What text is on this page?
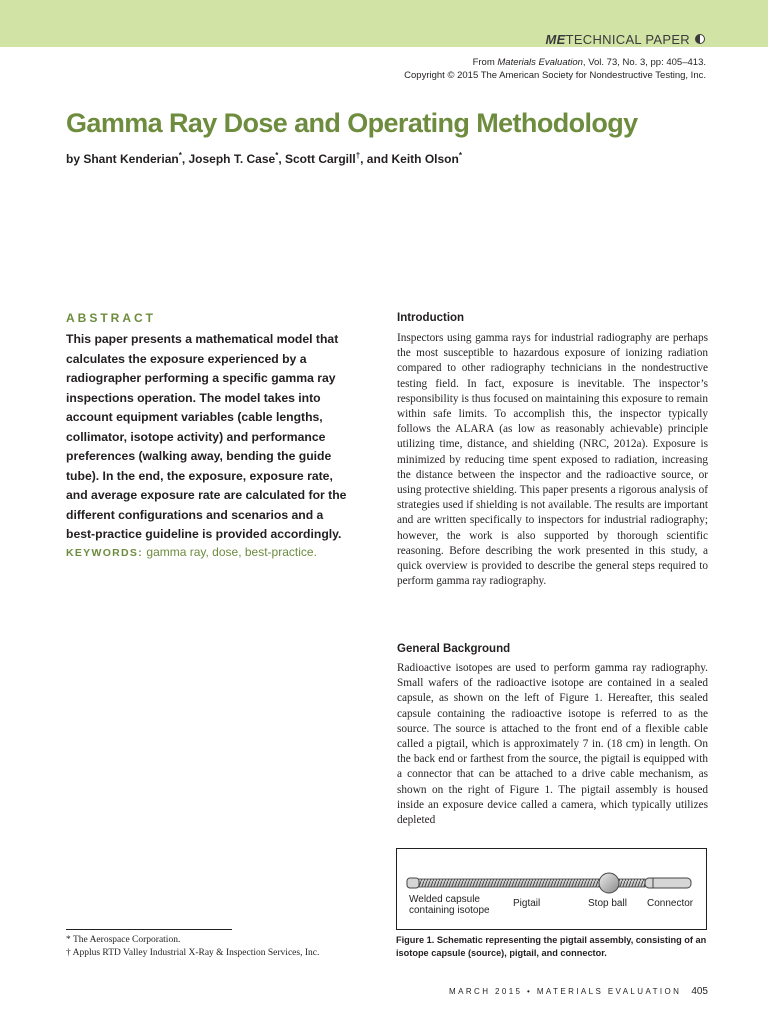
METECHNICAL PAPER
From Materials Evaluation, Vol. 73, No. 3, pp: 405–413.
Copyright © 2015 The American Society for Nondestructive Testing, Inc.
Gamma Ray Dose and Operating Methodology
by Shant Kenderian*, Joseph T. Case*, Scott Cargill†, and Keith Olson*
ABSTRACT

This paper presents a mathematical model that calculates the exposure experienced by a radiographer performing a specific gamma ray inspections operation. The model takes into account equipment variables (cable lengths, collimator, isotope activity) and performance preferences (walking away, bending the guide tube). In the end, the exposure, exposure rate, and average exposure rate are calculated for the different configurations and scenarios and a best-practice guideline is provided accordingly.

KEYWORDS: gamma ray, dose, best-practice.
Introduction

Inspectors using gamma rays for industrial radiography are perhaps the most susceptible to hazardous exposure of ionizing radiation compared to other radiography technicians in the nondestructive testing field. In fact, exposure is inevitable. The inspector’s responsibility is thus focused on maintaining this exposure to remain within safe limits. To accomplish this, the inspector typically follows the ALARA (as low as reasonably achievable) principle utilizing time, distance, and shielding (NRC, 2012a). Exposure is minimized by reducing time spent exposed to radiation, increasing the distance between the inspector and the radioactive source, or using protective shielding. This paper presents a rigorous analysis of strategies used if shielding is not available. The results are important and are written specifically to inspectors for industrial radiography; however, the work is also supported by thorough scientific reasoning. Before describing the work presented in this study, a quick overview is provided to describe the general steps required to perform gamma ray radiography.

General Background

Radioactive isotopes are used to perform gamma ray radiography. Small wafers of the radioactive isotope are contained in a sealed capsule, as shown on the left of Figure 1. Hereafter, this sealed capsule containing the radioactive isotope is referred to as the source. The source is attached to the front end of a flexible cable called a pigtail, which is approximately 7 in. (18 cm) in length. On the back end or farthest from the source, the pigtail is equipped with a connector that can be attached to a drive cable mechanism, as shown on the right of Figure 1. The pigtail assembly is housed inside an exposure device called a camera, which typically utilizes depleted

Welded capsule
containing isotope
Pigtail	Stop ball Connector

Figure 1. Schematic representing the pigtail assembly, consisting of an isotope capsule (source), pigtail, and connector.

* The Aerospace Corporation.
† Applus RTD Valley Industrial X-Ray & Inspection Services, Inc.
MARCH 2015 • MATERIALS EVALUATION 405
